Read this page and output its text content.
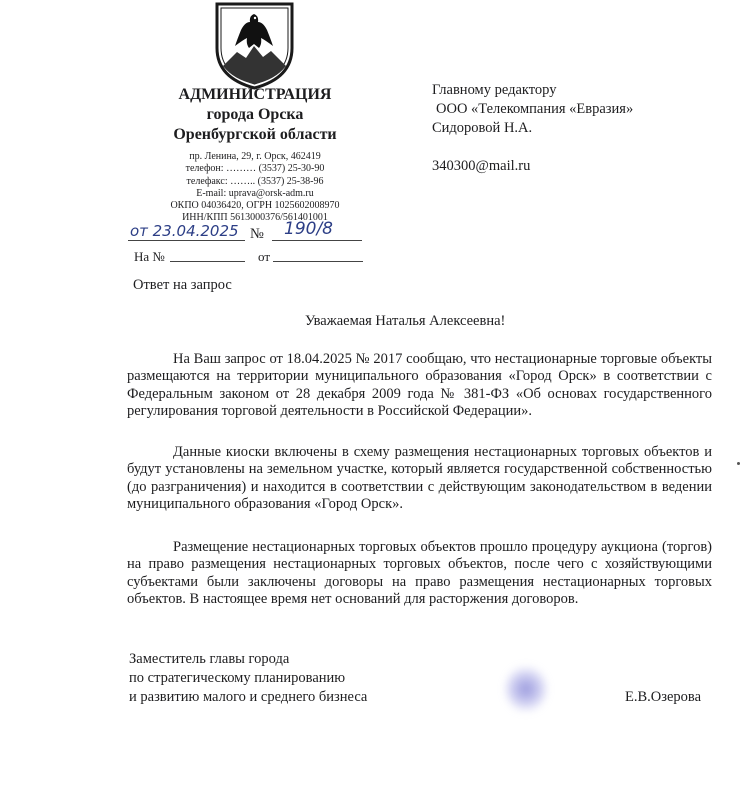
АДМИНИСТРАЦИЯ
города Орска
Оренбургской области
пр. Ленина, 29, г. Орск, 462419
телефон: ……… (3537) 25-30-90
телефакс: …….. (3537) 25-38-96
E-mail: uprava@orsk-adm.ru
ОКПО 04036420, ОГРН 1025602008970
ИНН/КПП 5613000376/561401001
от 23.04.2025 № 190/8
На №	от
Главному редактору
ООО «Телекомпания «Евразия»
Сидоровой Н.А.
340300@mail.ru
Ответ на запрос
Уважаемая Наталья Алексеевна!
На Ваш запрос от 18.04.2025 № 2017 сообщаю, что нестационарные торговые объекты размещаются на территории муниципального образования «Город Орск» в соответствии с Федеральным законом от 28 декабря 2009 года № 381-ФЗ «Об основах государственного регулирования торговой деятельности в Российской Федерации».
Данные киоски включены в схему размещения нестационарных торговых объектов и будут установлены на земельном участке, который является государственной собственностью (до разграничения) и находится в соответствии с действующим законодательством в ведении муниципального образования «Город Орск».
Размещение нестационарных торговых объектов прошло процедуру аукциона (торгов) на право размещения нестационарных торговых объектов, после чего с хозяйствующими субъектами были заключены договоры на право размещения нестационарных торговых объектов. В настоящее время нет оснований для расторжения договоров.
Заместитель главы города
по стратегическому планированию
и развитию малого и среднего бизнеса	Е.В.Озерова
